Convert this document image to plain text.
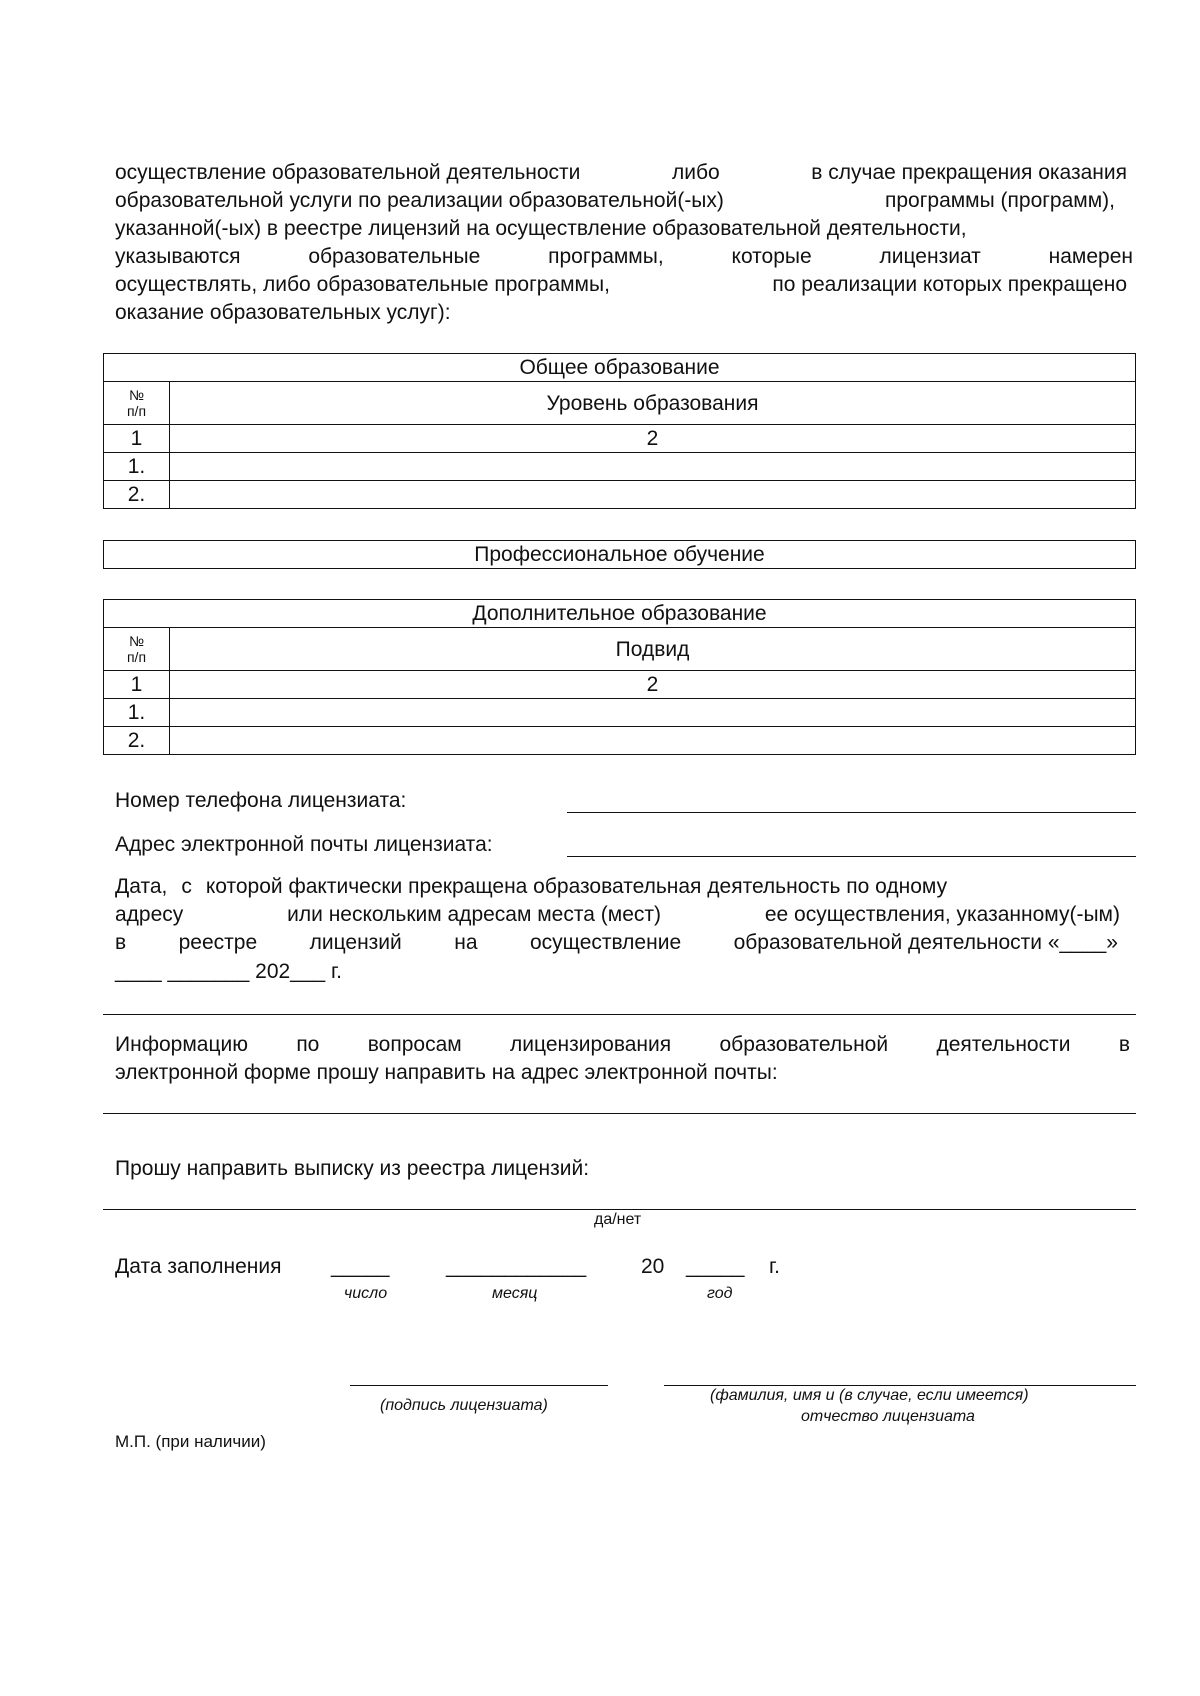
осуществление образовательной деятельности	либо	в случае прекращения оказания
образовательной услуги по реализации образовательной(-ых)	программы (программ),
указанной(-ых) в реестре лицензий на осуществление образовательной деятельности,
указываются	образовательные	программы,	которые	лицензиат	намерен
осуществлять, либо образовательные программы,	по реализации которых прекращено
оказание образовательных услуг):
Общее образование	
№
п/п	Уровень образования
1	2
1.	
2.	
Профессиональное обучение
Дополнительное образование	
№
п/п	Подвид
1	2
1.	
2.	
Номер телефона лицензиата:
Адрес электронной почты лицензиата:
Дата, с которой фактически прекращена образовательная деятельность по одному
адресу	или нескольким адресам места (мест)	ее осуществления, указанному(-ым)
в реестре лицензий на осуществление образовательной деятельности «____»
____ _______ 202___ г.
Информацию по вопросам лицензирования образовательной деятельности в
электронной форме прошу направить на адрес электронной почты:
Прошу направить выписку из реестра лицензий:
да/нет
Дата заполнения _____	____________	20 _____ г.
число	месяц	год
(подпись лицензиата)
(фамилия, имя и (в случае, если имеется)
отчество лицензиата
М.П. (при наличии)
